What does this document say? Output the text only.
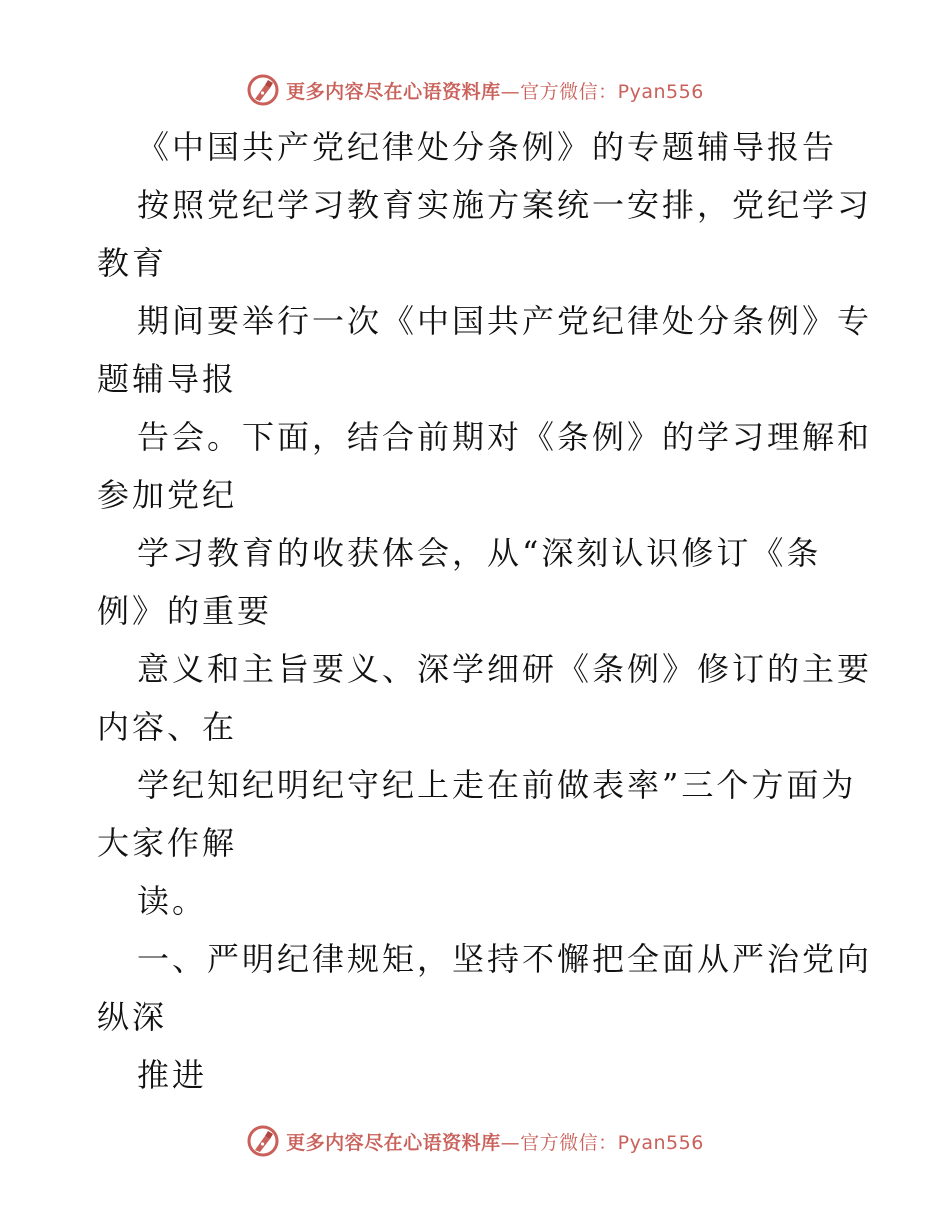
更多内容尽在心语资料库—官方微信：Pyan556
《中国共产党纪律处分条例》的专题辅导报告
按照党纪学习教育实施方案统一安排，党纪学习
教育
期间要举行一次《中国共产党纪律处分条例》专
题辅导报
告会。下面，结合前期对《条例》的学习理解和
参加党纪
学习教育的收获体会，从“深刻认识修订《条
例》的重要
意义和主旨要义、深学细研《条例》修订的主要
内容、在
学纪知纪明纪守纪上走在前做表率”三个方面为
大家作解
读。
一、严明纪律规矩，坚持不懈把全面从严治党向
纵深
推进
更多内容尽在心语资料库—官方微信：Pyan556
